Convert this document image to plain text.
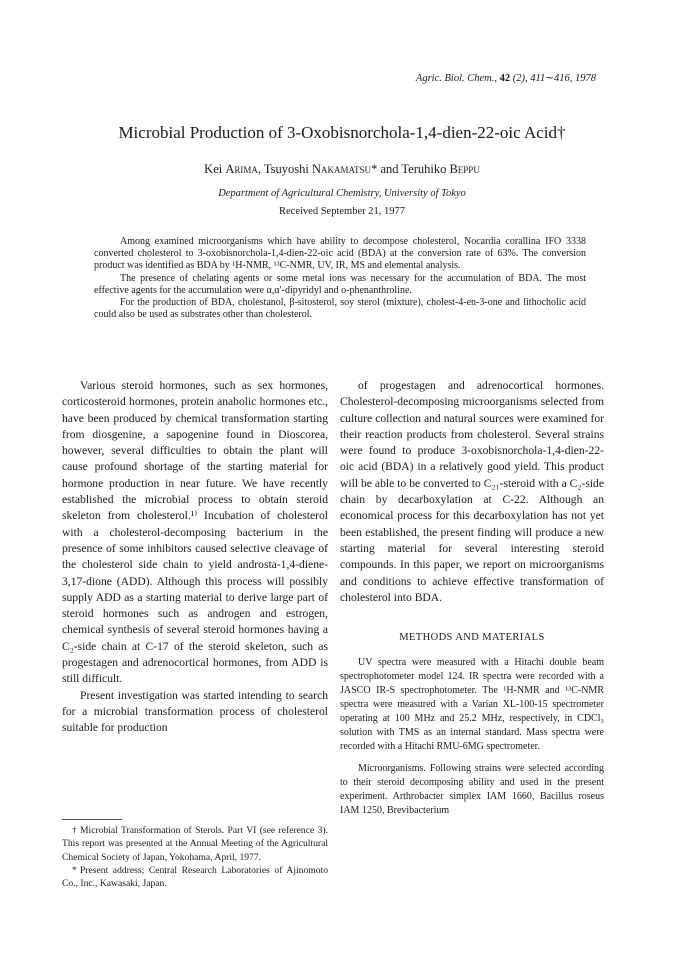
Agric. Biol. Chem., 42 (2), 411∼416, 1978
Microbial Production of 3-Oxobisnorchola-1,4-dien-22-oic Acid†
Kei Arima, Tsuyoshi Nakamatsu* and Teruhiko Beppu
Department of Agricultural Chemistry, University of Tokyo
Received September 21, 1977

Among examined microorganisms which have ability to decompose cholesterol, Nocardia corallina IFO 3338 converted cholesterol to 3-oxobisnorchola-1,4-dien-22-oic acid (BDA) at the conversion rate of 63%. The conversion product was identified as BDA by ¹H-NMR, ¹³C-NMR, UV, IR, MS and elemental analysis.

The presence of chelating agents or some metal ions was necessary for the accumulation of BDA. The most effective agents for the accumulation were α,α′-dipyridyl and o-phenanthroline.

For the production of BDA, cholestanol, β-sitosterol, soy sterol (mixture), cholest-4-en-3-one and lithocholic acid could also be used as substrates other than cholesterol.

Various steroid hormones, such as sex hormones, corticosteroid hormones, protein anabolic hormones etc., have been produced by chemical transformation starting from diosgenine, a sapogenine found in Dioscorea, however, several difficulties to obtain the plant will cause profound shortage of the starting material for hormone production in near future. We have recently established the microbial process to obtain steroid skeleton from cholesterol.¹⁾ Incubation of cholesterol with a cholesterol-decomposing bacterium in the presence of some inhibitors caused selective cleavage of the cholesterol side chain to yield androsta-1,4-diene-3,17-dione (ADD). Although this process will possibly supply ADD as a starting material to derive large part of steroid hormones such as androgen and estrogen, chemical synthesis of several steroid hormones having a C₂-side chain at C-17 of the steroid skeleton, such as progestagen and adrenocortical hormones, from ADD is still difficult.

Present investigation was started intending to search for a microbial transformation process of cholesterol suitable for production

† Microbial Transformation of Sterols. Part VI (see reference 3). This report was presented at the Annual Meeting of the Agricultural Chemical Society of Japan, Yokohama, April, 1977.

* Present address; Central Research Laboratories of Ajinomoto Co., Inc., Kawasaki, Japan.

of progestagen and adrenocortical hormones. Cholesterol-decomposing microorganisms selected from culture collection and natural sources were examined for their reaction products from cholesterol. Several strains were found to produce 3-oxobisnorchola-1,4-dien-22-oic acid (BDA) in a relatively good yield. This product will be able to be converted to C₂₁-steroid with a C₂-side chain by decarboxylation at C-22. Although an economical process for this decarboxylation has not yet been established, the present finding will produce a new starting material for several interesting steroid compounds. In this paper, we report on microorganisms and conditions to achieve effective transformation of cholesterol into BDA.

METHODS AND MATERIALS

UV spectra were measured with a Hitachi double beam spectrophotometer model 124. IR spectra were recorded with a JASCO IR-S spectrophotometer. The ¹H-NMR and ¹³C-NMR spectra were measured with a Varian XL-100-15 spectrometer operating at 100 MHz and 25.2 MHz, respectively, in CDCl₃ solution with TMS as an internal standard. Mass spectra were recorded with a Hitachi RMU-6MG spectrometer.

Microorganisms. Following strains were selected according to their steroid decomposing ability and used in the present experiment. Arthrobacter simplex IAM 1660, Bacillus roseus IAM 1250, Brevibacterium
